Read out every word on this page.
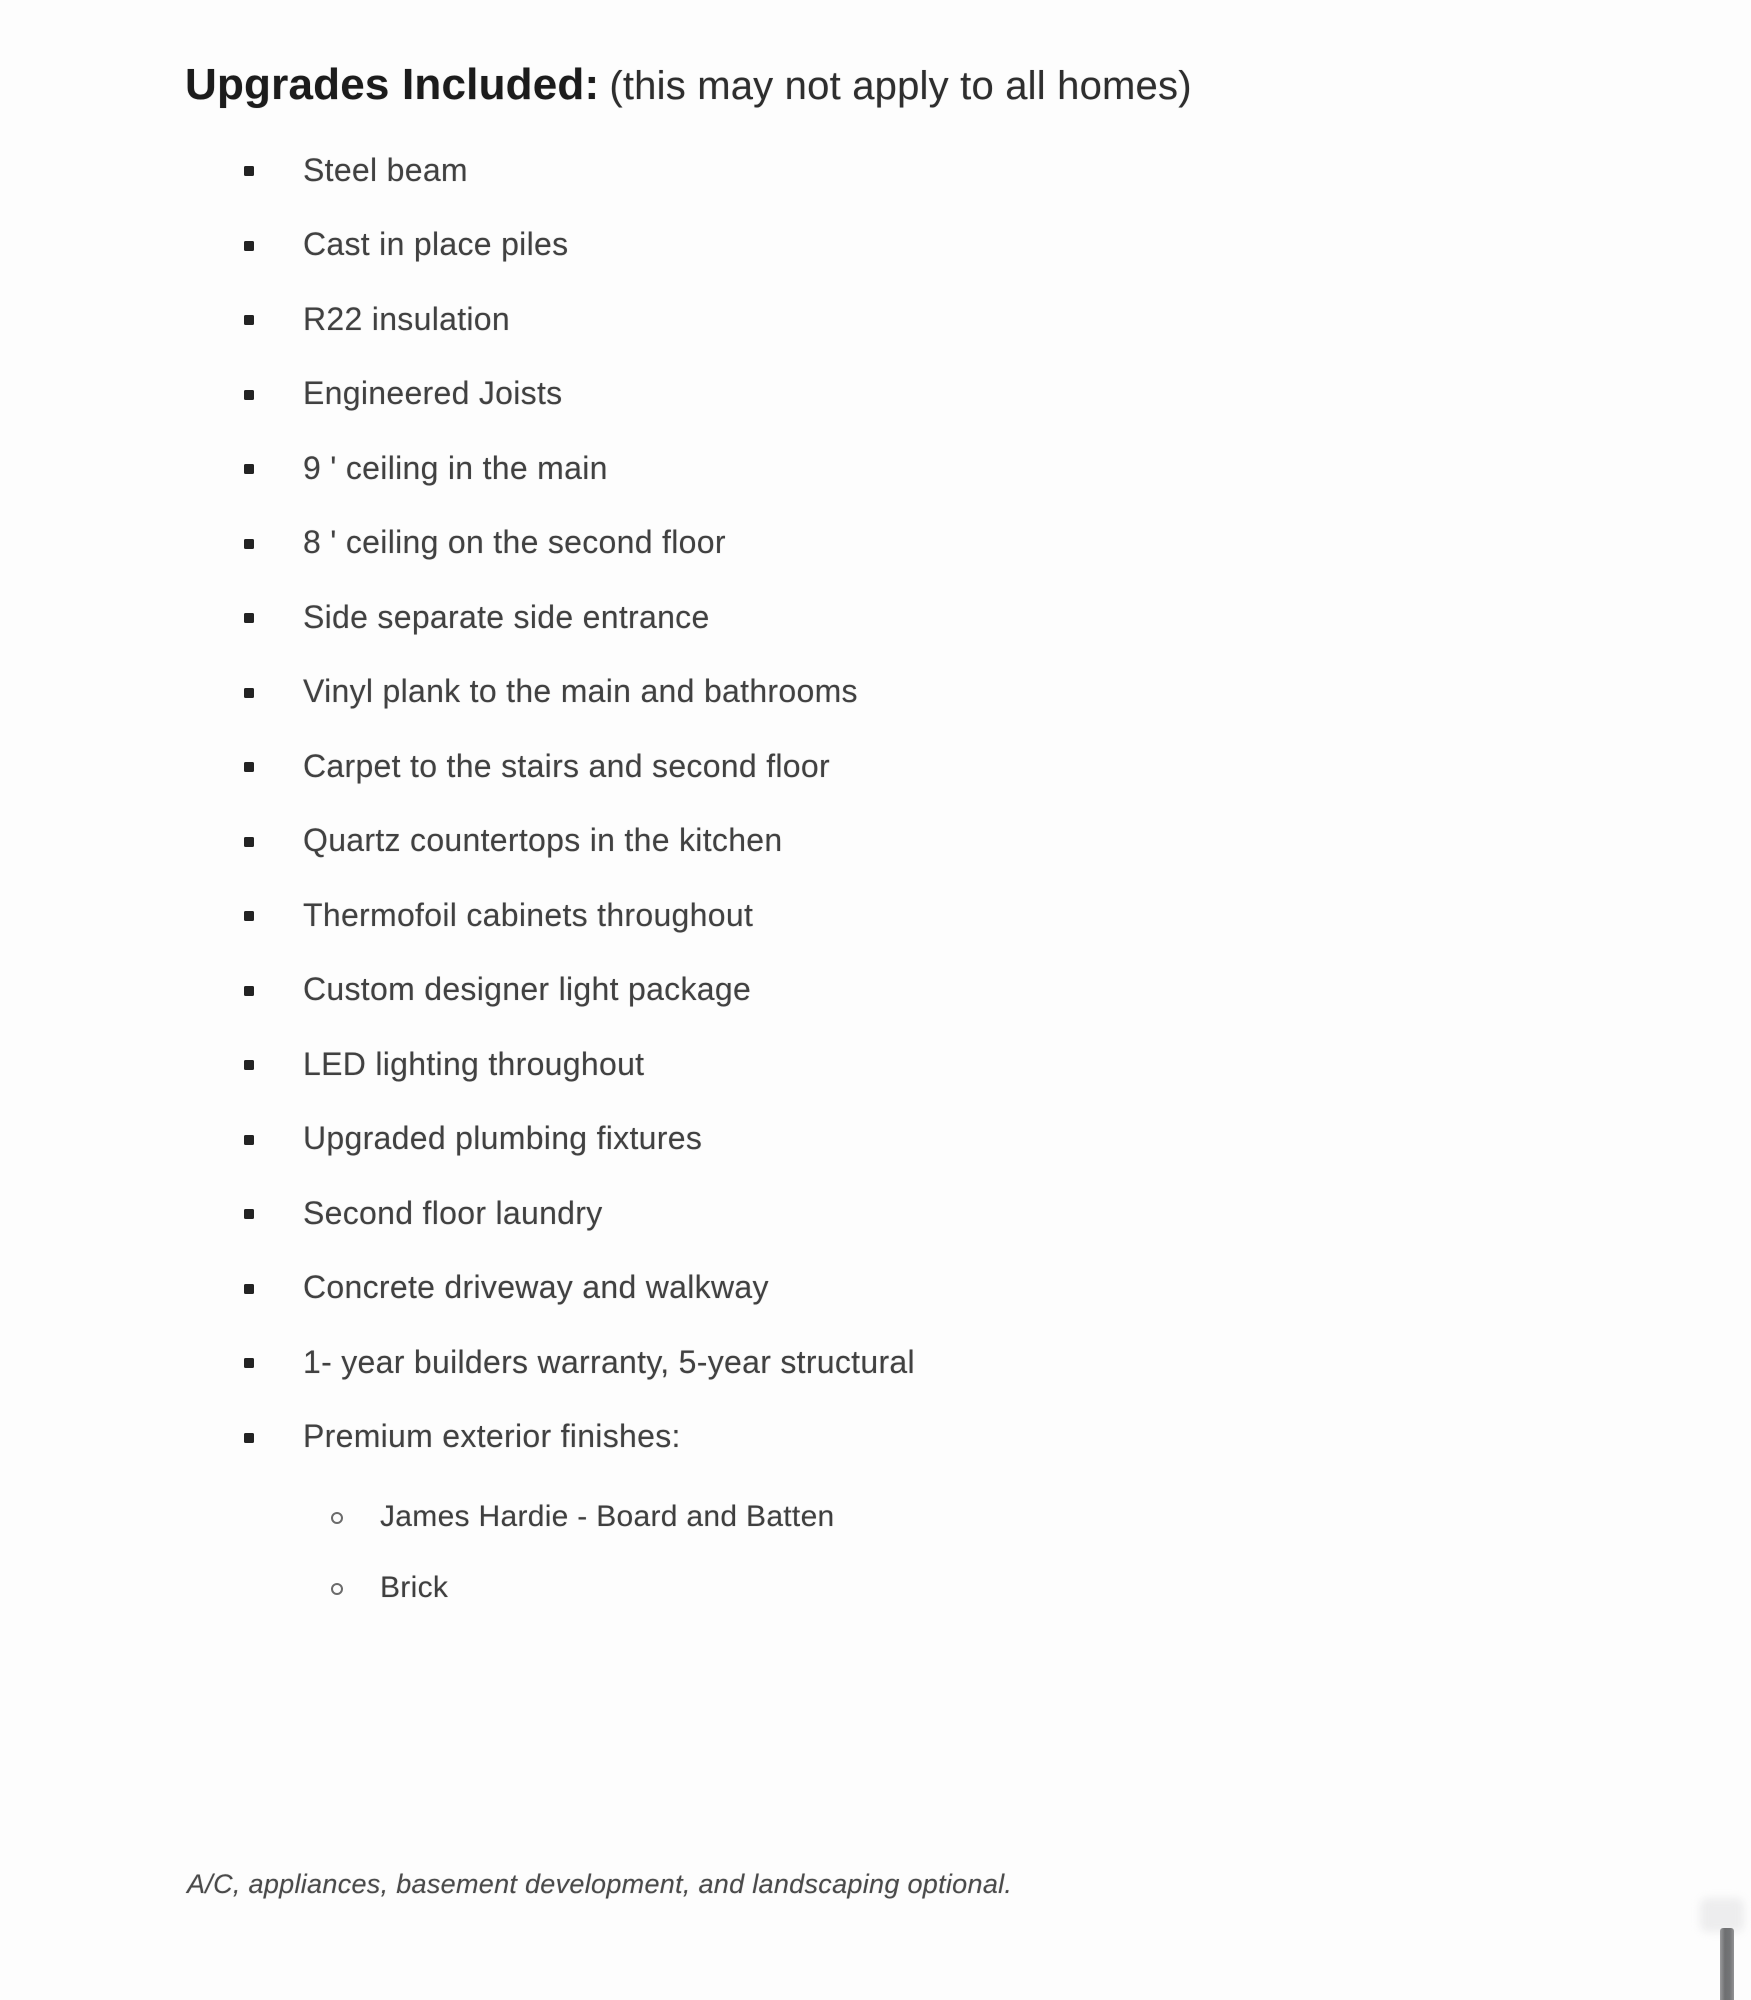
Upgrades Included: (this may not apply to all homes)
Steel beam
Cast in place piles
R22 insulation
Engineered Joists
9 ' ceiling in the main
8 ' ceiling on the second floor
Side separate side entrance
Vinyl plank to the main and bathrooms
Carpet to the stairs and second floor
Quartz countertops in the kitchen
Thermofoil cabinets throughout
Custom designer light package
LED lighting throughout
Upgraded plumbing fixtures
Second floor laundry
Concrete driveway and walkway
1- year builders warranty, 5-year structural
Premium exterior finishes:
James Hardie - Board and Batten
Brick

A/C, appliances, basement development, and landscaping optional.
